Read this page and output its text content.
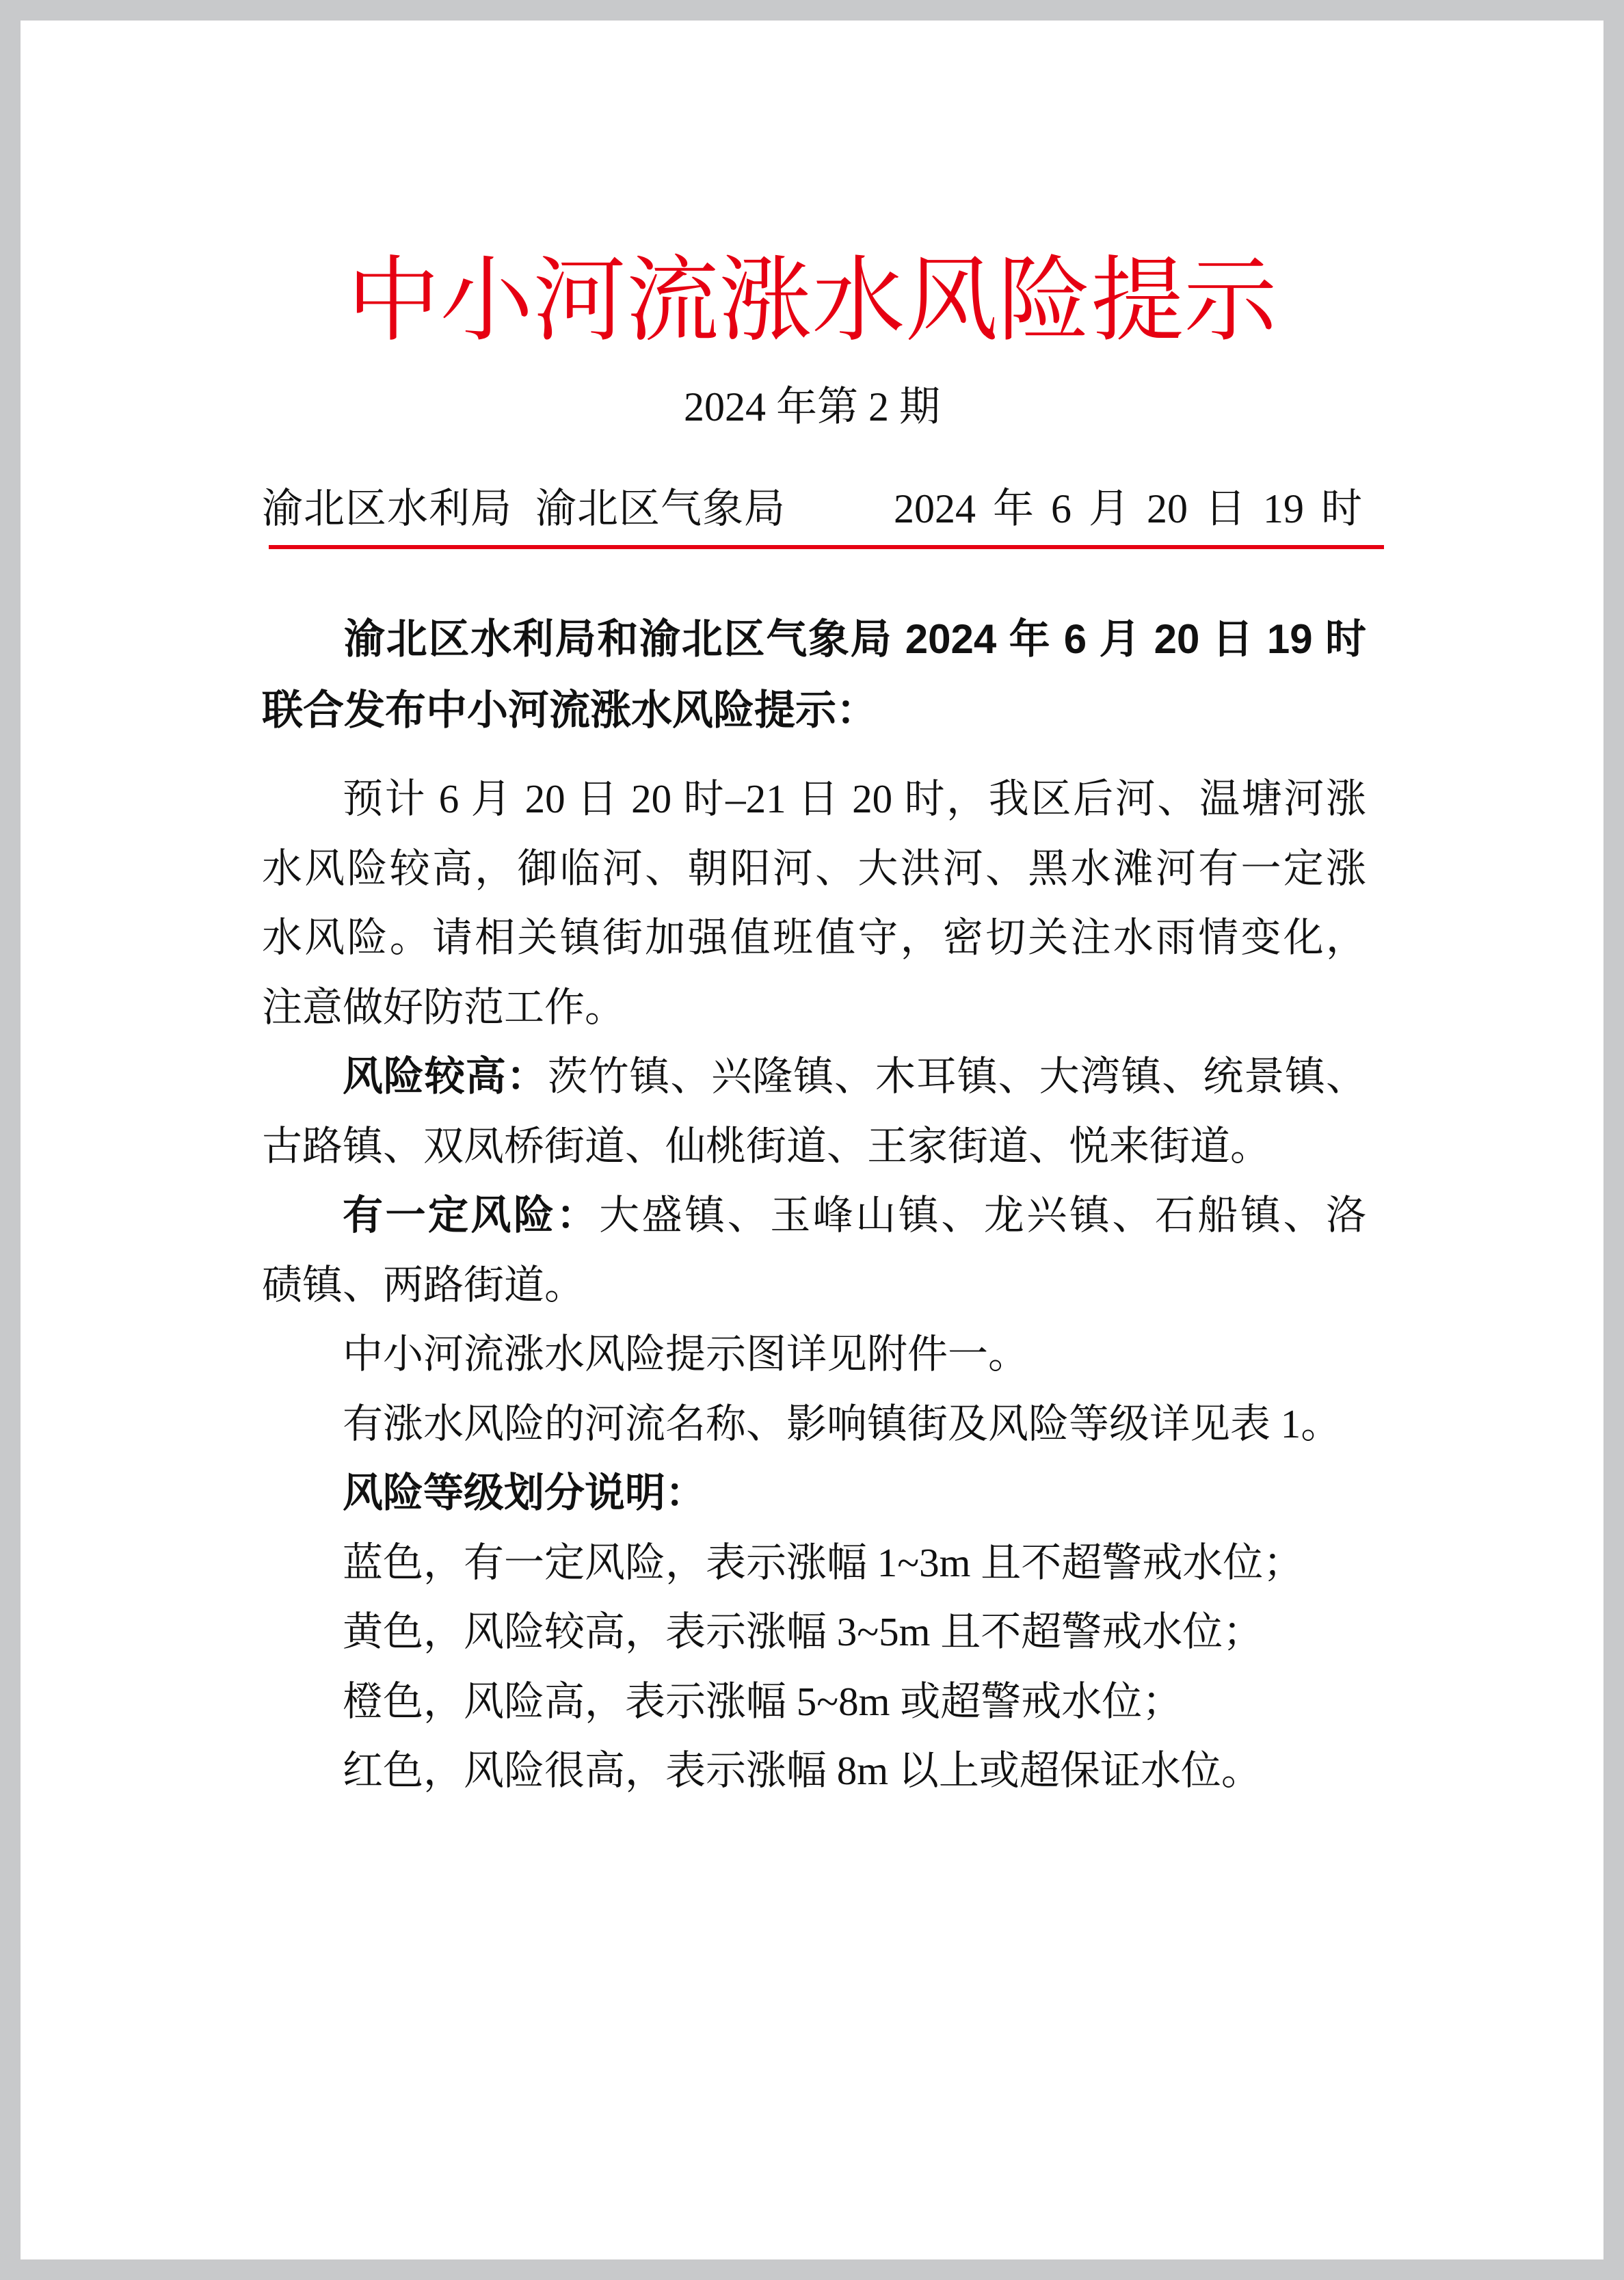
中小河流涨水风险提示
2024 年第 2 期
渝北区水利局 渝北区气象局	2024 年 6 月 20 日 19 时
渝北区水利局和渝北区气象局 2024 年 6 月 20 日 19 时
联合发布中小河流涨水风险提示：
预计 6 月 20 日 20 时–21 日 20 时，我区后河、温塘河涨
水风险较高，御临河、朝阳河、大洪河、黑水滩河有一定涨
水风险。请相关镇街加强值班值守，密切关注水雨情变化，
注意做好防范工作。
风险较高：茨竹镇、兴隆镇、木耳镇、大湾镇、统景镇、
古路镇、双凤桥街道、仙桃街道、王家街道、悦来街道。
有一定风险：大盛镇、玉峰山镇、龙兴镇、石船镇、洛
碛镇、两路街道。
中小河流涨水风险提示图详见附件一。
有涨水风险的河流名称、影响镇街及风险等级详见表 1。
风险等级划分说明：
蓝色，有一定风险，表示涨幅 1~3m 且不超警戒水位；
黄色，风险较高，表示涨幅 3~5m 且不超警戒水位；
橙色，风险高，表示涨幅 5~8m 或超警戒水位；
红色，风险很高，表示涨幅 8m 以上或超保证水位。
